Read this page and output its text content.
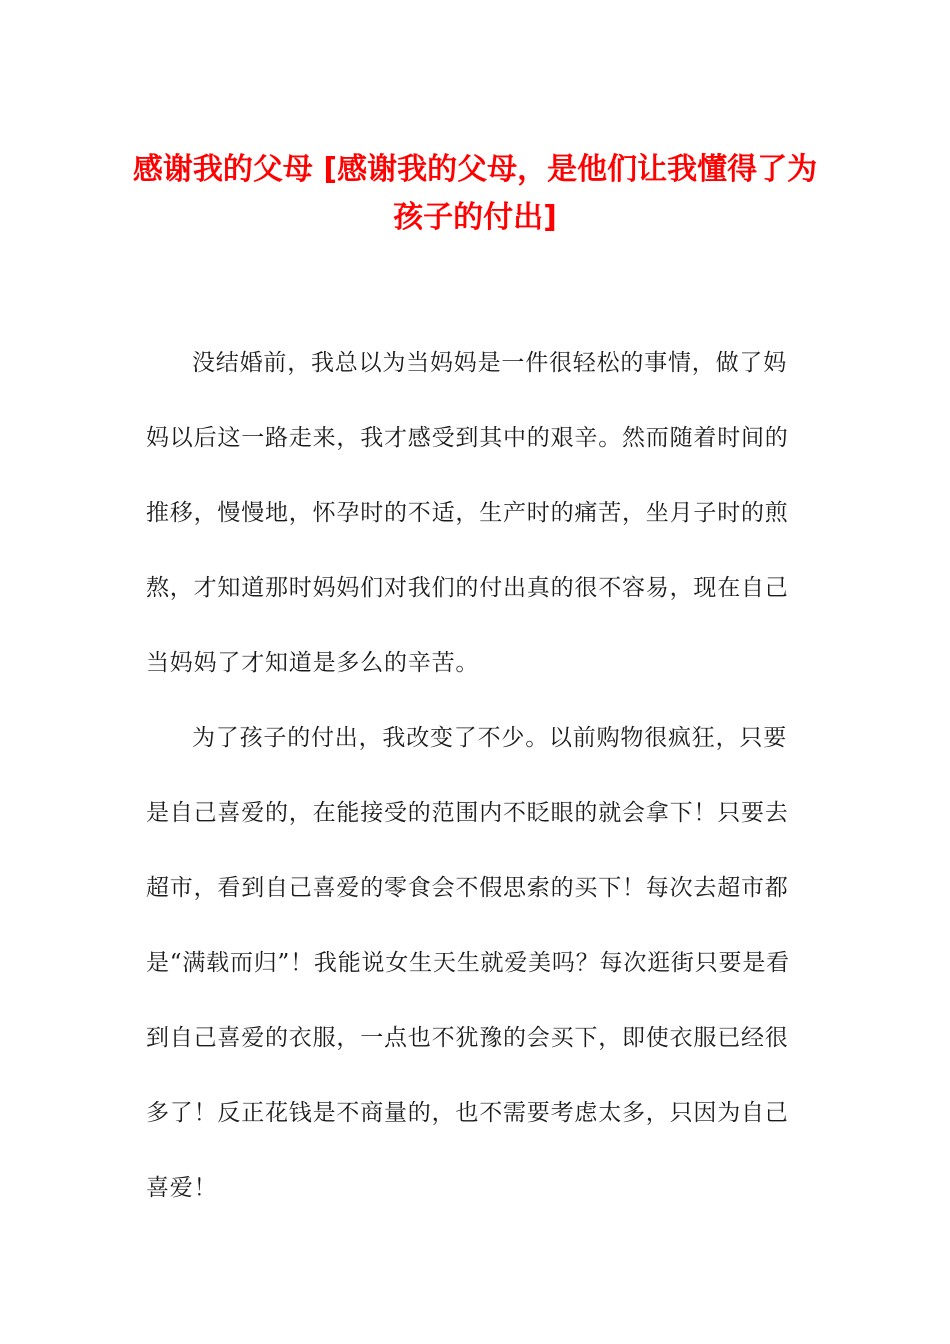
感谢我的父母 [感谢我的父母，是他们让我懂得了为孩子的付出]

没结婚前，我总以为当妈妈是一件很轻松的事情，做了妈妈以后这一路走来，我才感受到其中的艰辛。然而随着时间的推移，慢慢地，怀孕时的不适，生产时的痛苦，坐月子时的煎熬，才知道那时妈妈们对我们的付出真的很不容易，现在自己当妈妈了才知道是多么的辛苦。

为了孩子的付出，我改变了不少。以前购物很疯狂，只要是自己喜爱的，在能接受的范围内不眨眼的就会拿下！只要去超市，看到自己喜爱的零食会不假思索的买下！每次去超市都是“满载而归”！我能说女生天生就爱美吗？每次逛街只要是看到自己喜爱的衣服，一点也不犹豫的会买下，即使衣服已经很多了！反正花钱是不商量的，也不需要考虑太多，只因为自己喜爱！
